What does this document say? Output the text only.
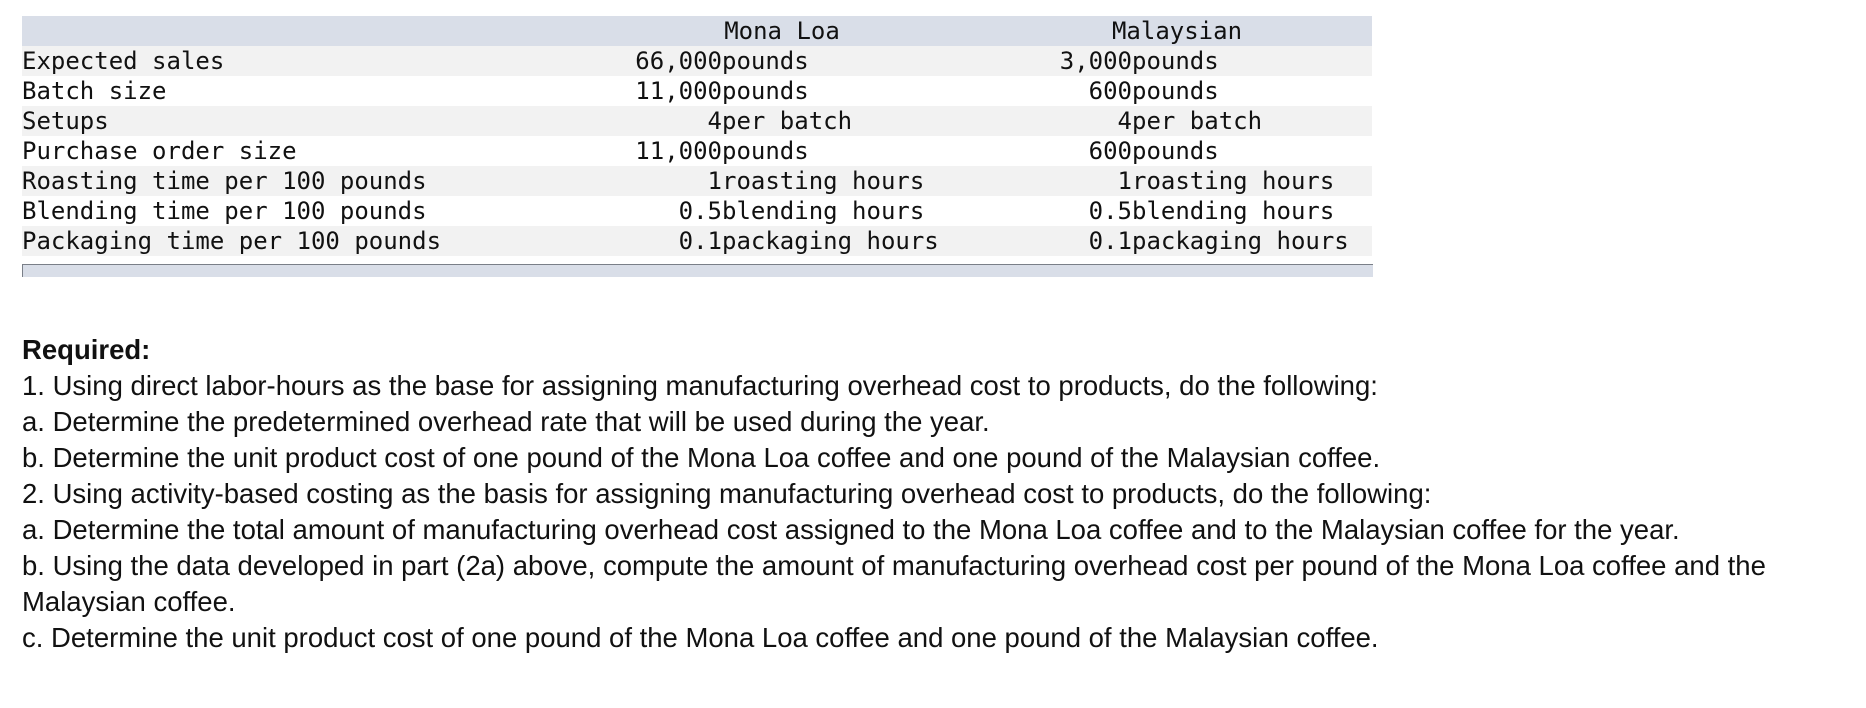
	Mona Loa		Malaysian	
Expected sales	66,000	pounds	3,000	pounds
Batch size	11,000	pounds	600	pounds
Setups	4	per batch	4	per batch
Purchase order size	11,000	pounds	600	pounds
Roasting time per 100 pounds	1	roasting hours	1	roasting hours
Blending time per 100 pounds	0.5	blending hours	0.5	blending hours
Packaging time per 100 pounds	0.1	packaging hours	0.1	packaging hours

Required:

1. Using direct labor-hours as the base for assigning manufacturing overhead cost to products, do the following:

a. Determine the predetermined overhead rate that will be used during the year.

b. Determine the unit product cost of one pound of the Mona Loa coffee and one pound of the Malaysian coffee.

2. Using activity-based costing as the basis for assigning manufacturing overhead cost to products, do the following:

a. Determine the total amount of manufacturing overhead cost assigned to the Mona Loa coffee and to the Malaysian coffee for the year.

b. Using the data developed in part (2a) above, compute the amount of manufacturing overhead cost per pound of the Mona Loa coffee and the Malaysian coffee.

c. Determine the unit product cost of one pound of the Mona Loa coffee and one pound of the Malaysian coffee.
